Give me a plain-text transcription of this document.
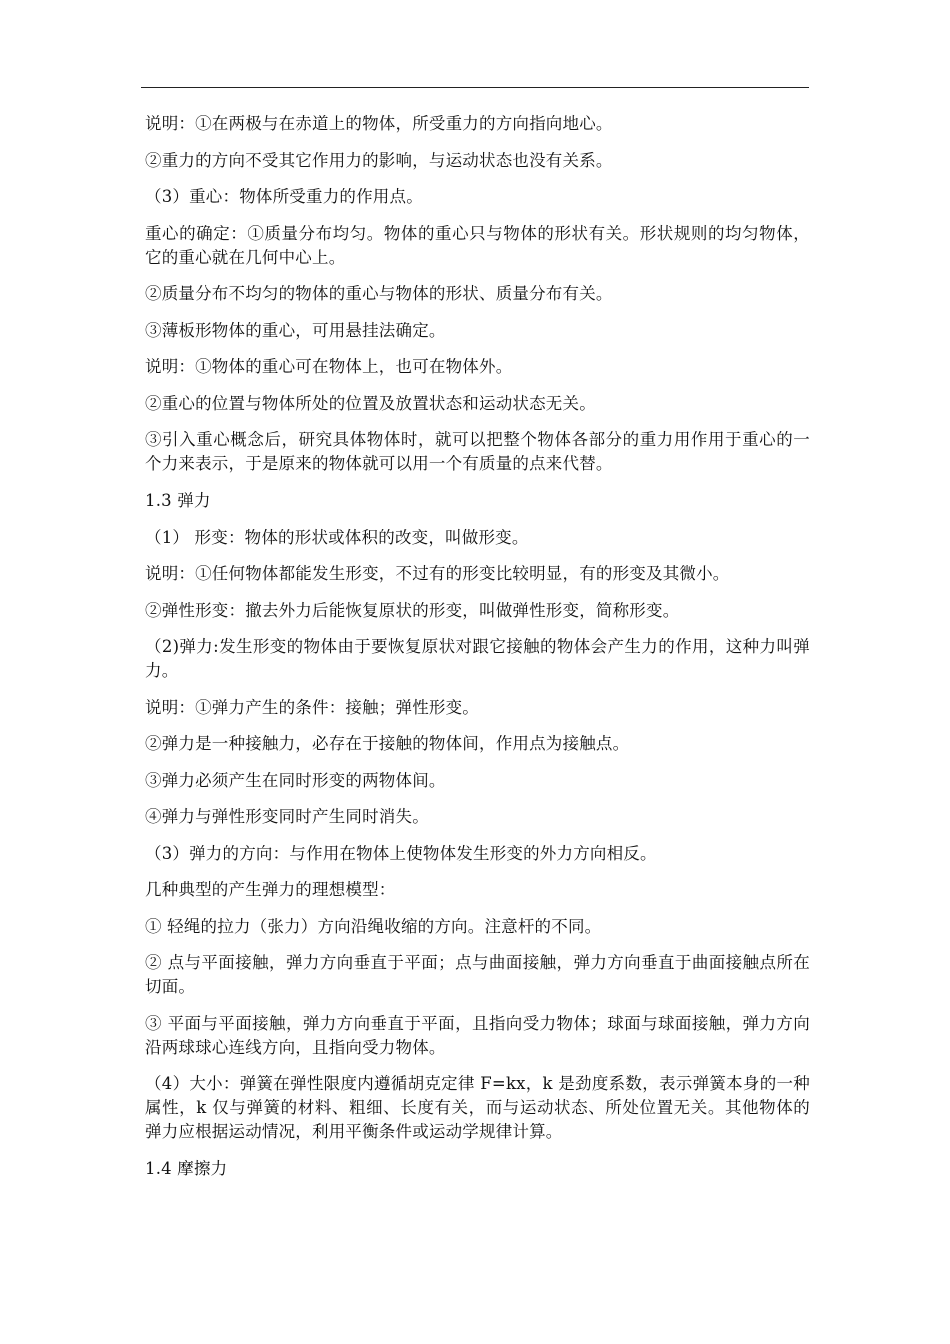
说明：①在两极与在赤道上的物体，所受重力的方向指向地心。

②重力的方向不受其它作用力的影响，与运动状态也没有关系。

（3）重心：物体所受重力的作用点。

重心的确定：①质量分布均匀。物体的重心只与物体的形状有关。形状规则的均匀物体，它的重心就在几何中心上。

②质量分布不均匀的物体的重心与物体的形状、质量分布有关。

③薄板形物体的重心，可用悬挂法确定。

说明：①物体的重心可在物体上，也可在物体外。

②重心的位置与物体所处的位置及放置状态和运动状态无关。

③引入重心概念后，研究具体物体时，就可以把整个物体各部分的重力用作用于重心的一个力来表示，于是原来的物体就可以用一个有质量的点来代替。

1.3 弹力

（1） 形变：物体的形状或体积的改变，叫做形变。

说明：①任何物体都能发生形变，不过有的形变比较明显，有的形变及其微小。

②弹性形变：撤去外力后能恢复原状的形变，叫做弹性形变，简称形变。

（2)弹力:发生形变的物体由于要恢复原状对跟它接触的物体会产生力的作用，这种力叫弹力。

说明：①弹力产生的条件：接触；弹性形变。

②弹力是一种接触力，必存在于接触的物体间，作用点为接触点。

③弹力必须产生在同时形变的两物体间。

④弹力与弹性形变同时产生同时消失。

（3）弹力的方向：与作用在物体上使物体发生形变的外力方向相反。

几种典型的产生弹力的理想模型：

① 轻绳的拉力（张力）方向沿绳收缩的方向。注意杆的不同。

② 点与平面接触，弹力方向垂直于平面；点与曲面接触，弹力方向垂直于曲面接触点所在切面。

③ 平面与平面接触，弹力方向垂直于平面，且指向受力物体；球面与球面接触，弹力方向沿两球球心连线方向，且指向受力物体。

（4）大小：弹簧在弹性限度内遵循胡克定律 F=kx，k 是劲度系数，表示弹簧本身的一种属性，k 仅与弹簧的材料、粗细、长度有关，而与运动状态、所处位置无关。其他物体的弹力应根据运动情况，利用平衡条件或运动学规律计算。

1.4 摩擦力
